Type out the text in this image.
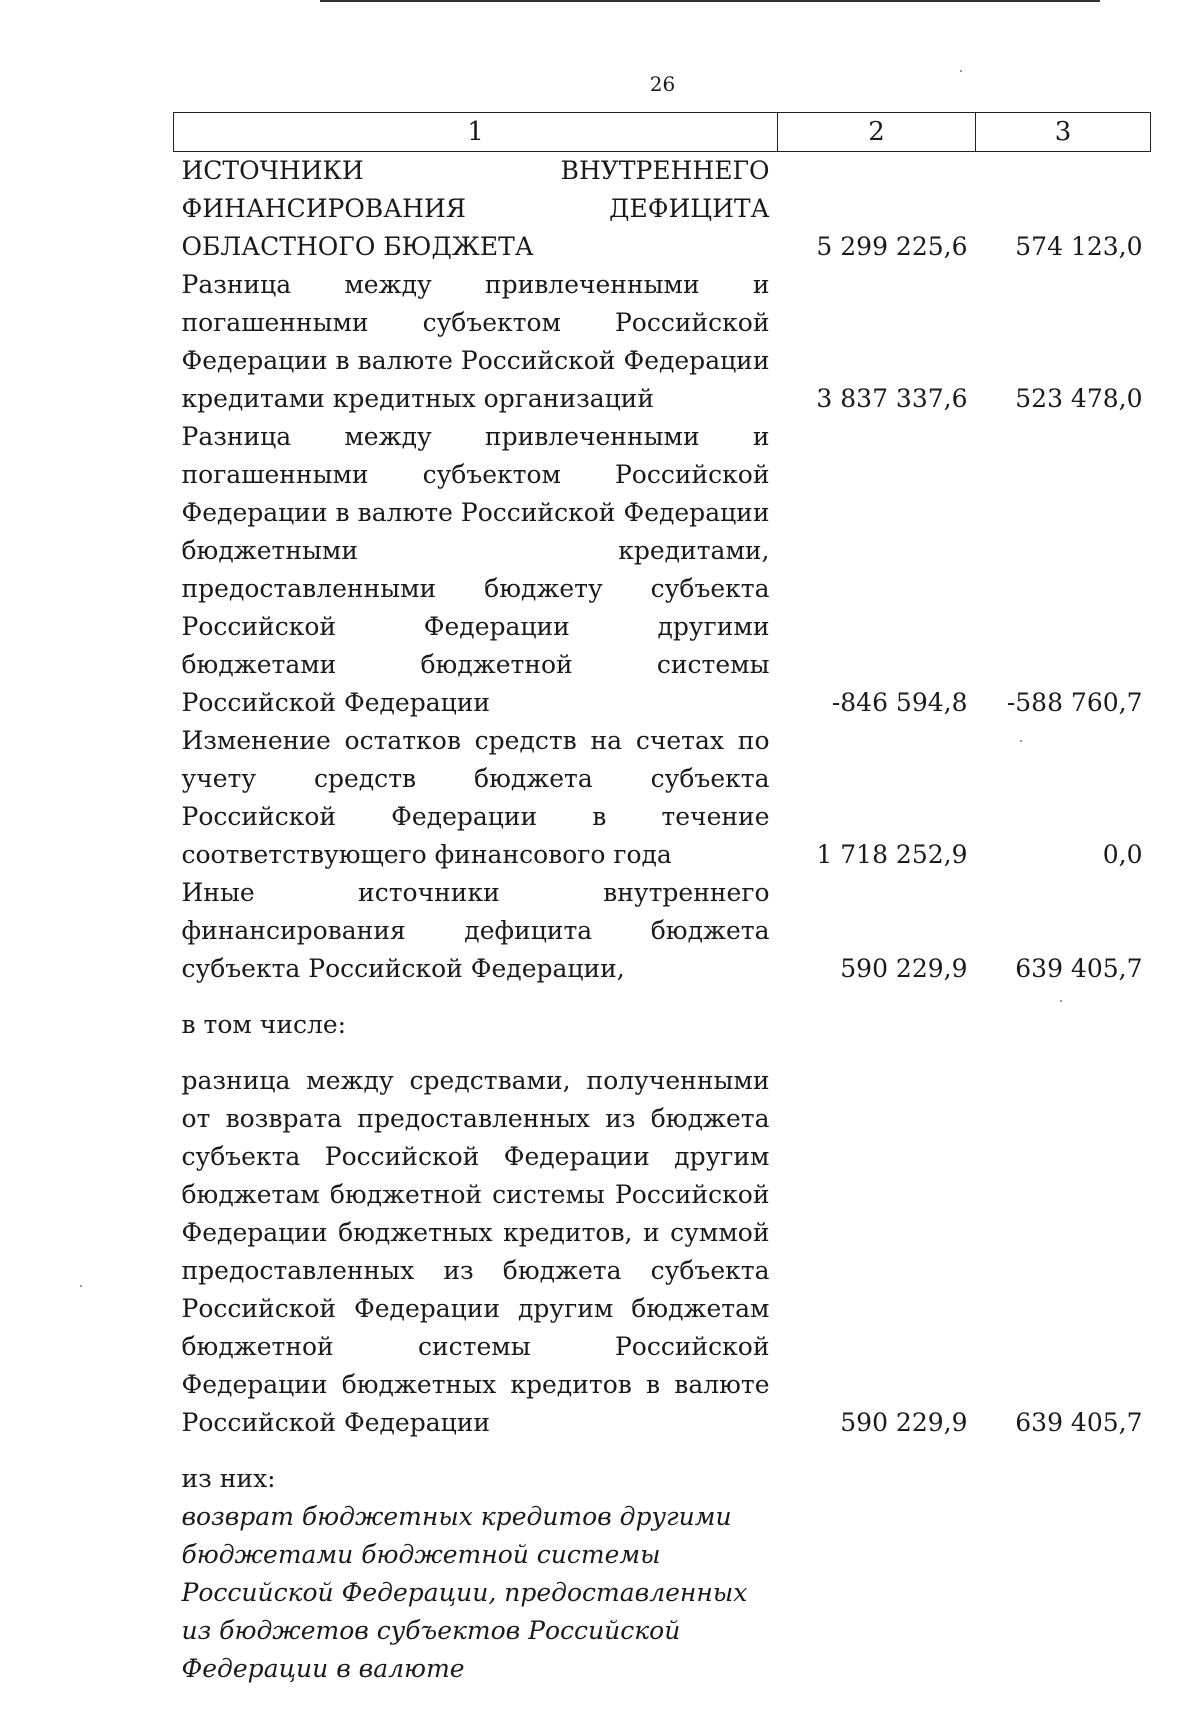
26
1	2	3
ИСТОЧНИКИ ВНУТРЕННЕГО ФИНАНСИРОВАНИЯ ДЕФИЦИТА ОБЛАСТНОГО БЮДЖЕТА	5 299 225,6	574 123,0
Разница между привлеченными и погашенными субъектом Российской Федерации в валюте Российской Федерации кредитами кредитных организаций	3 837 337,6	523 478,0
Разница между привлеченными и погашенными субъектом Российской Федерации в валюте Российской Федерации бюджетными кредитами, предоставленными бюджету субъекта Российской Федерации другими бюджетами бюджетной системы Российской Федерации	-846 594,8	-588 760,7
Изменение остатков средств на счетах по учету средств бюджета субъекта Российской Федерации в течение соответствующего финансового года	1 718 252,9	0,0
Иные источники внутреннего финансирования дефицита бюджета субъекта Российской Федерации,	590 229,9	639 405,7

в том числе:		

разница между средствами, полученными от возврата предоставленных из бюджета субъекта Российской Федерации другим бюджетам бюджетной системы Российской Федерации бюджетных кредитов, и суммой предоставленных из бюджета субъекта Российской Федерации другим бюджетам бюджетной системы Российской Федерации бюджетных кредитов в валюте Российской Федерации	590 229,9	639 405,7

из них:		
возврат бюджетных кредитов другими бюджетами бюджетной системы Российской Федерации, предоставленных из бюджетов субъектов Российской Федерации в валюте		
